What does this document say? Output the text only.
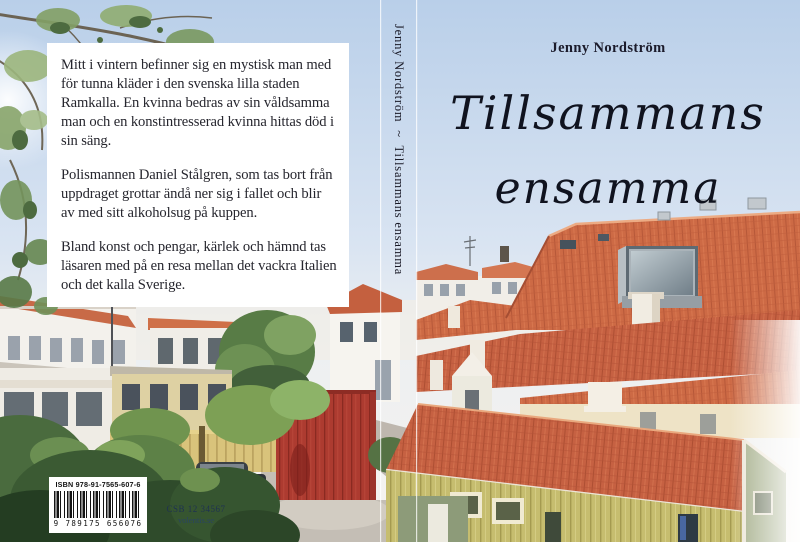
Mitt i vintern befinner sig en mystisk man med för tunna kläder i den svenska lilla staden Ramkalla. En kvinna bedras av sin våldsamma man och en konstintresserad kvinna hittas död i sin säng.

Polismannen Daniel Stålgren, som tas bort från uppdraget grottar ändå ner sig i fallet och blir av med sitt alkoholsug på kuppen.

Bland konst och pengar, kärlek och hämnd tas läsaren med på en resa mellan det vackra Italien och det kalla Sverige.

Jenny Nordström  ~  Tillsammans ensamma	Jenny Nordström
Tillsammans
ensamma
ISBN 978-91-7565-607-6
9 789175 656076
CSB 12 34567
volentis.se
